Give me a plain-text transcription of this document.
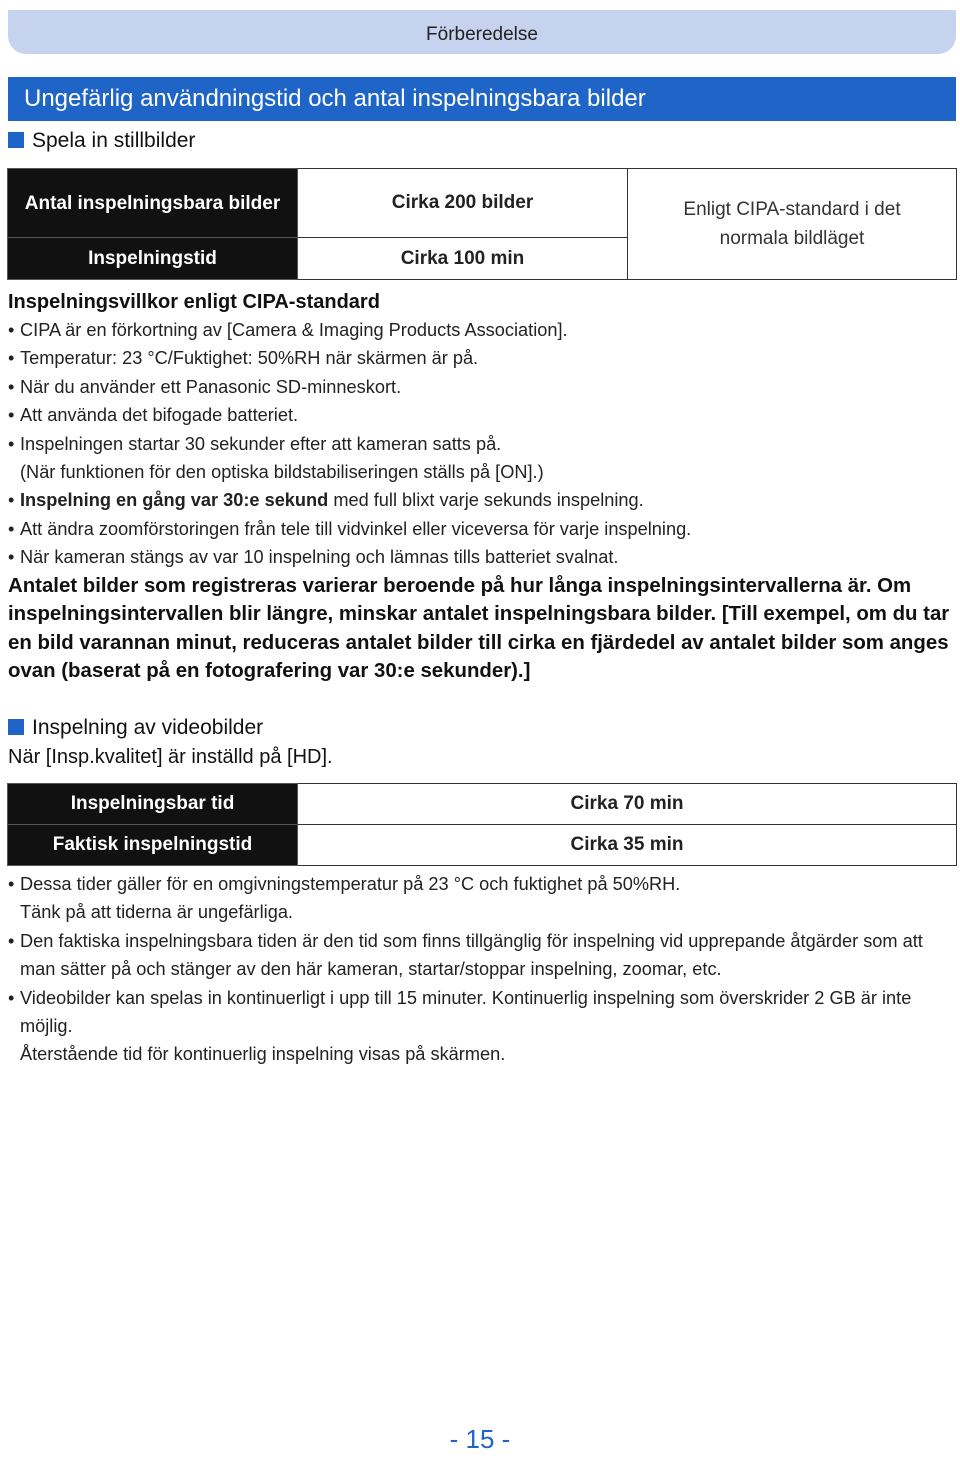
Förberedelse
Ungefärlig användningstid och antal inspelningsbara bilder
Spela in stillbilder
Antal inspelningsbara bilder	Cirka 200 bilder	Enligt CIPA-standard i det normala bildläget
Inspelningstid	Cirka 100 min	
Inspelningsvillkor enligt CIPA-standard
• CIPA är en förkortning av [Camera & Imaging Products Association].
• Temperatur: 23 °C/Fuktighet: 50%RH när skärmen är på.
• När du använder ett Panasonic SD-minneskort.
• Att använda det bifogade batteriet.
• Inspelningen startar 30 sekunder efter att kameran satts på.
(När funktionen för den optiska bildstabiliseringen ställs på [ON].)
• Inspelning en gång var 30:e sekund med full blixt varje sekunds inspelning.
• Att ändra zoomförstoringen från tele till vidvinkel eller viceversa för varje inspelning.
• När kameran stängs av var 10 inspelning och lämnas tills batteriet svalnat.
Antalet bilder som registreras varierar beroende på hur långa inspelningsintervallerna är. Om inspelningsintervallen blir längre, minskar antalet inspelningsbara bilder. [Till exempel, om du tar en bild varannan minut, reduceras antalet bilder till cirka en fjärdedel av antalet bilder som anges ovan (baserat på en fotografering var 30:e sekunder).]
Inspelning av videobilder
När [Insp.kvalitet] är inställd på [HD].
Inspelningsbar tid	Cirka 70 min
Faktisk inspelningstid	Cirka 35 min
• Dessa tider gäller för en omgivningstemperatur på 23 °C och fuktighet på 50%RH.
Tänk på att tiderna är ungefärliga.
• Den faktiska inspelningsbara tiden är den tid som finns tillgänglig för inspelning vid upprepande åtgärder som att man sätter på och stänger av den här kameran, startar/stoppar inspelning, zoomar, etc.
• Videobilder kan spelas in kontinuerligt i upp till 15 minuter. Kontinuerlig inspelning som överskrider 2 GB är inte möjlig.
Återstående tid för kontinuerlig inspelning visas på skärmen.
- 15 -
